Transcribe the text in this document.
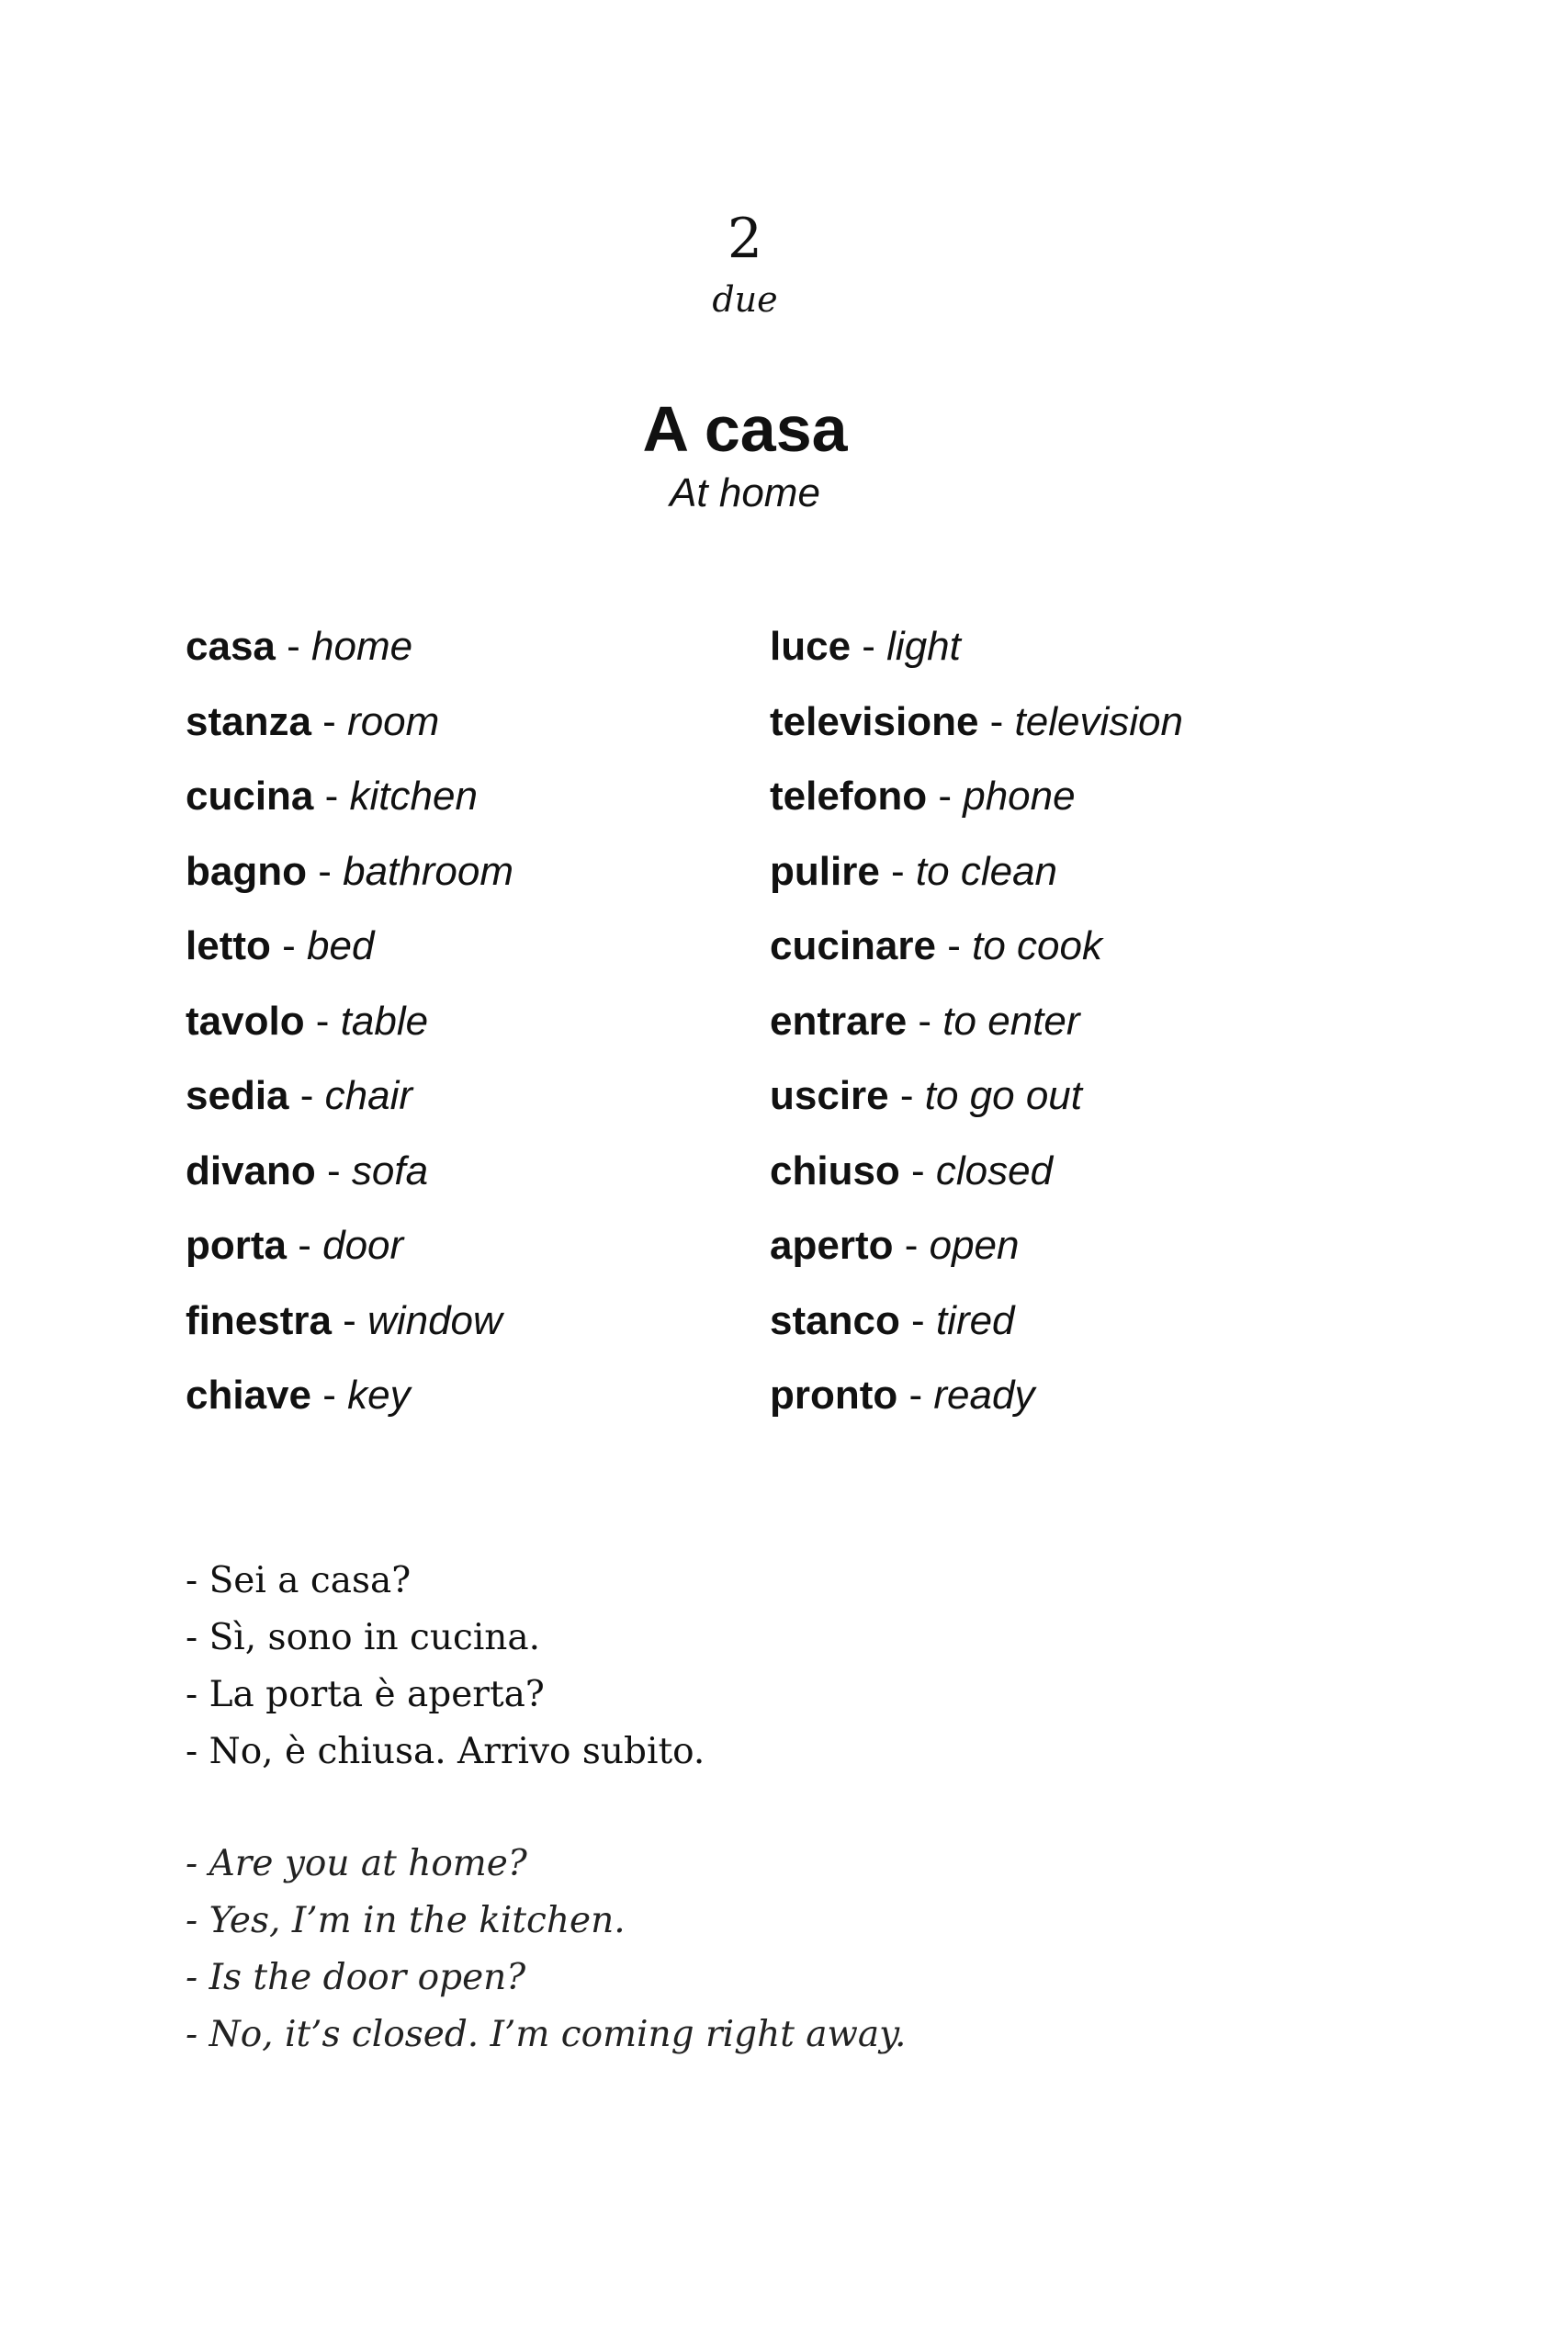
2
due
A casa
At home
casa - home
stanza - room
cucina - kitchen
bagno - bathroom
letto - bed
tavolo - table
sedia - chair
divano - sofa
porta - door
finestra - window
chiave - key
luce - light
televisione - television
telefono - phone
pulire - to clean
cucinare - to cook
entrare - to enter
uscire - to go out
chiuso - closed
aperto - open
stanco - tired
pronto - ready
- Sei a casa?
- Sì, sono in cucina.
- La porta è aperta?
- No, è chiusa. Arrivo subito.
- Are you at home?
- Yes, I’m in the kitchen.
- Is the door open?
- No, it’s closed. I’m coming right away.
